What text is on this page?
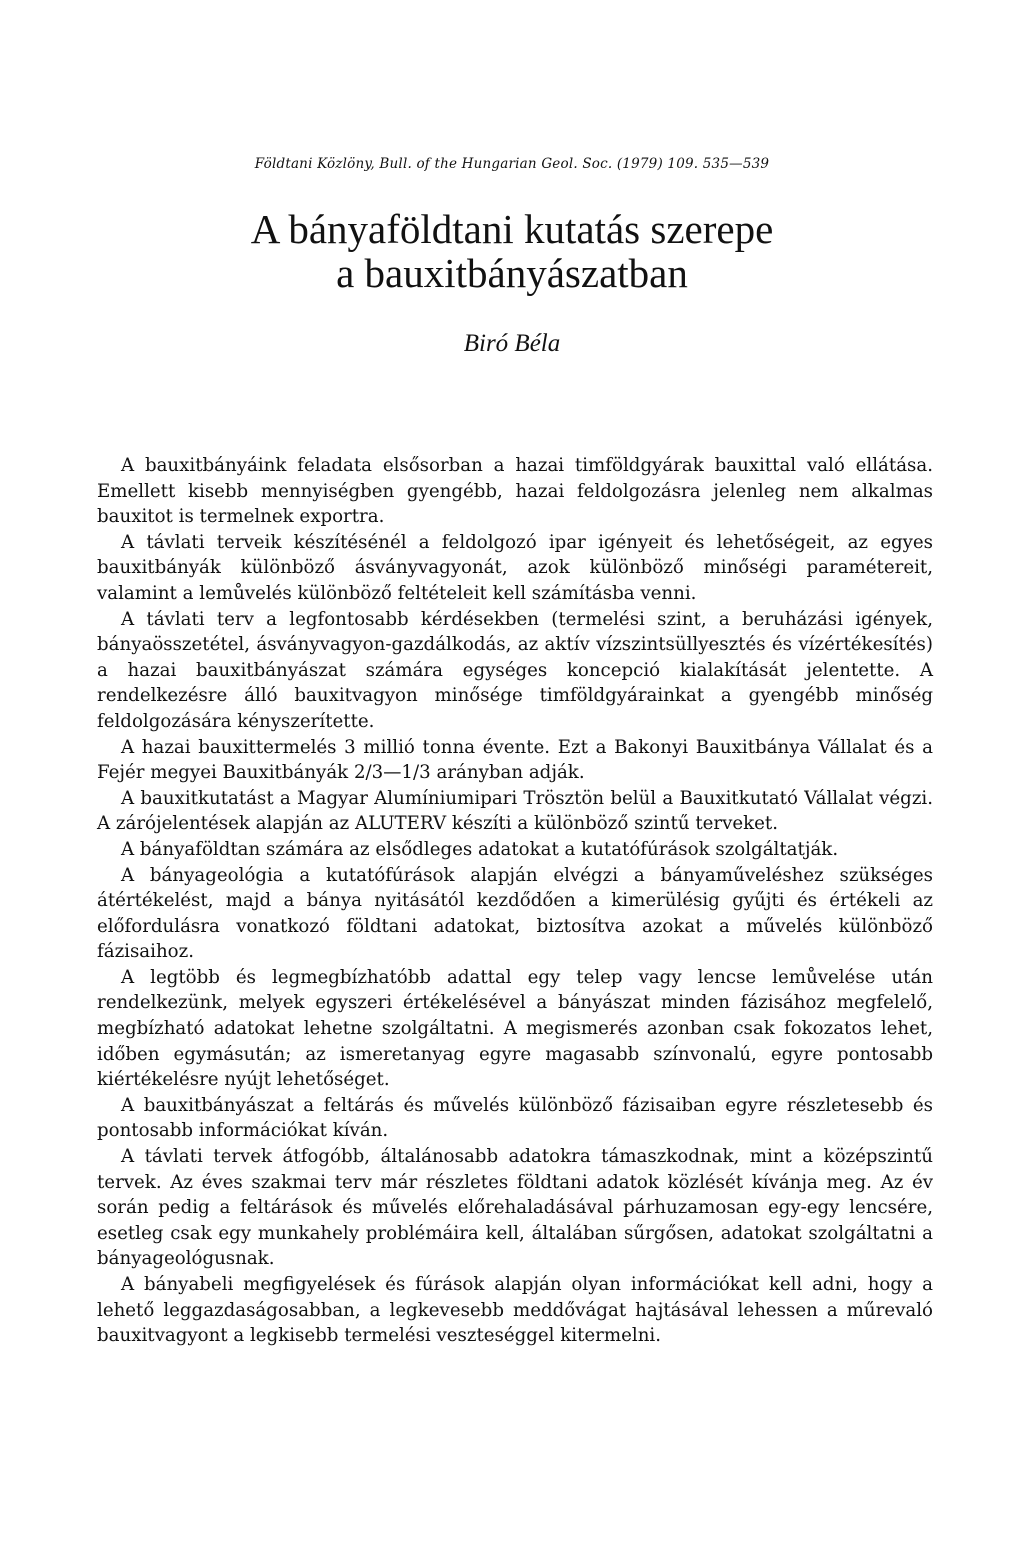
Földtani Közlöny, Bull. of the Hungarian Geol. Soc. (1979) 109. 535—539
A bányaföldtani kutatás szerepe
a bauxitbányászatban
Biró Béla

A bauxitbányáink feladata elsősorban a hazai timföldgyárak bauxittal való ellátása. Emellett kisebb mennyiségben gyengébb, hazai feldolgozásra jelenleg nem alkalmas bauxitot is termelnek exportra.

A távlati terveik készítésénél a feldolgozó ipar igényeit és lehetőségeit, az egyes bauxitbányák különböző ásványvagyonát, azok különböző minőségi paramétereit, valamint a lemůvelés különböző feltételeit kell számításba venni.

A távlati terv a legfontosabb kérdésekben (termelési szint, a beruházási igények, bányaösszetétel, ásványvagyon-gazdálkodás, az aktív vízszintsüllyesztés és vízértékesítés) a hazai bauxitbányászat számára egységes koncepció kialakítását jelentette. A rendelkezésre álló bauxitvagyon minősége timföldgyárainkat a gyengébb minőség feldolgozására kényszerítette.

A hazai bauxittermelés 3 millió tonna évente. Ezt a Bakonyi Bauxitbánya Vállalat és a Fejér megyei Bauxitbányák 2/3—1/3 arányban adják.

A bauxitkutatást a Magyar Alumíniumipari Trösztön belül a Bauxitkutató Vállalat végzi. A zárójelentések alapján az ALUTERV készíti a különböző szintű terveket.

A bányaföldtan számára az elsődleges adatokat a kutatófúrások szolgáltatják.

A bányageológia a kutatófúrások alapján elvégzi a bányaműveléshez szükséges átértékelést, majd a bánya nyitásától kezdődően a kimerülésig gyűjti és értékeli az előfordulásra vonatkozó földtani adatokat, biztosítva azokat a művelés különböző fázisaihoz.

A legtöbb és legmegbízhatóbb adattal egy telep vagy lencse lemůvelése után rendelkezünk, melyek egyszeri értékelésével a bányászat minden fázisához megfelelő, megbízható adatokat lehetne szolgáltatni. A megismerés azonban csak fokozatos lehet, időben egymásután; az ismeretanyag egyre magasabb színvonalú, egyre pontosabb kiértékelésre nyújt lehetőséget.

A bauxitbányászat a feltárás és művelés különböző fázisaiban egyre részletesebb és pontosabb információkat kíván.

A távlati tervek átfogóbb, általánosabb adatokra támaszkodnak, mint a középszintű tervek. Az éves szakmai terv már részletes földtani adatok közlését kívánja meg. Az év során pedig a feltárások és művelés előrehaladásával párhuzamosan egy-egy lencsére, esetleg csak egy munkahely problémáira kell, általában sűrgősen, adatokat szolgáltatni a bányageológusnak.

A bányabeli megfigyelések és fúrások alapján olyan információkat kell adni, hogy a lehető leggazdaságosabban, a legkevesebb meddővágat hajtásával lehessen a műrevaló bauxitvagyont a legkisebb termelési veszteséggel kitermelni.
